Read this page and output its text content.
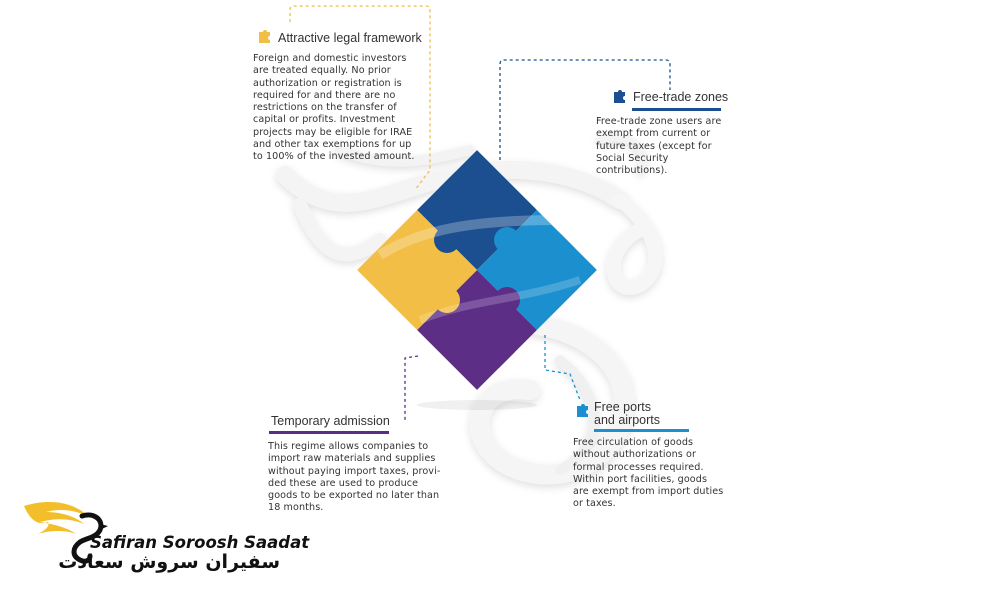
Attractive legal framework
Foreign and domestic investors
are treated equally. No prior
authorization or registration is
required for and there are no
restrictions on the transfer of
capital or profits. Investment
projects may be eligible for IRAE
and other tax exemptions for up
to 100% of the invested amount.
Free-trade zones
Free-trade zone users are
exempt from current or
future taxes (except for
Social Security
contributions).
Temporary admission
This regime allows companies to
import raw materials and supplies
without paying import taxes, provi-
ded these are used to produce
goods to be exported no later than
18 months.
Free ports
and airports
Free circulation of goods
without authorizations or
formal processes required.
Within port facilities, goods
are exempt from import duties
or taxes.
Safiran Soroosh Saadat
سفیران سروش سعادت
